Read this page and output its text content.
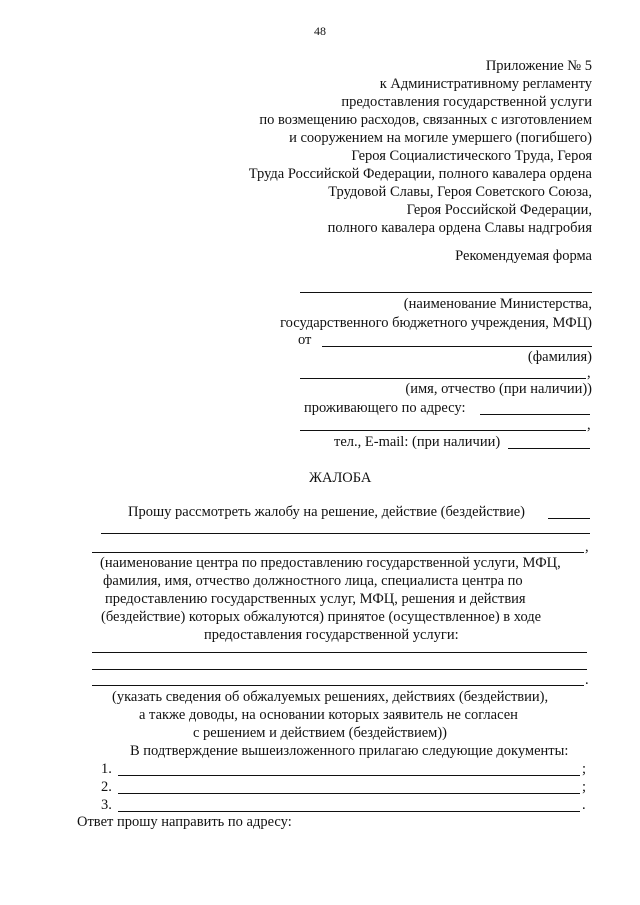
48
Приложение № 5
к Административному регламенту
предоставления государственной услуги
по возмещению расходов, связанных с изготовлением
и сооружением на могиле умершего (погибшего)
Героя Социалистического Труда, Героя
Труда Российской Федерации, полного кавалера ордена
Трудовой Славы, Героя Советского Союза,
Героя Российской Федерации,
полного кавалера ордена Славы надгробия
Рекомендуемая форма
(наименование Министерства,
государственного бюджетного учреждения, МФЦ)
от
(фамилия)
,
(имя, отчество (при наличии))
проживающего по адресу:
,
тел., E-mail: (при наличии)
ЖАЛОБА
Прошу рассмотреть жалобу на решение, действие (бездействие)
,
(наименование центра по предоставлению государственной услуги, МФЦ,
фамилия, имя, отчество должностного лица, специалиста центра по
предоставлению государственных услуг, МФЦ, решения и действия
(бездействие) которых обжалуются) принятое (осуществленное) в ходе
предоставления государственной услуги:
.
(указать сведения об обжалуемых решениях, действиях (бездействии),
а также доводы, на основании которых заявитель не согласен
с решением и действием (бездействием))
В подтверждение вышеизложенного прилагаю следующие документы:
1.	;
2.	;
3.	.
Ответ прошу направить по адресу:
